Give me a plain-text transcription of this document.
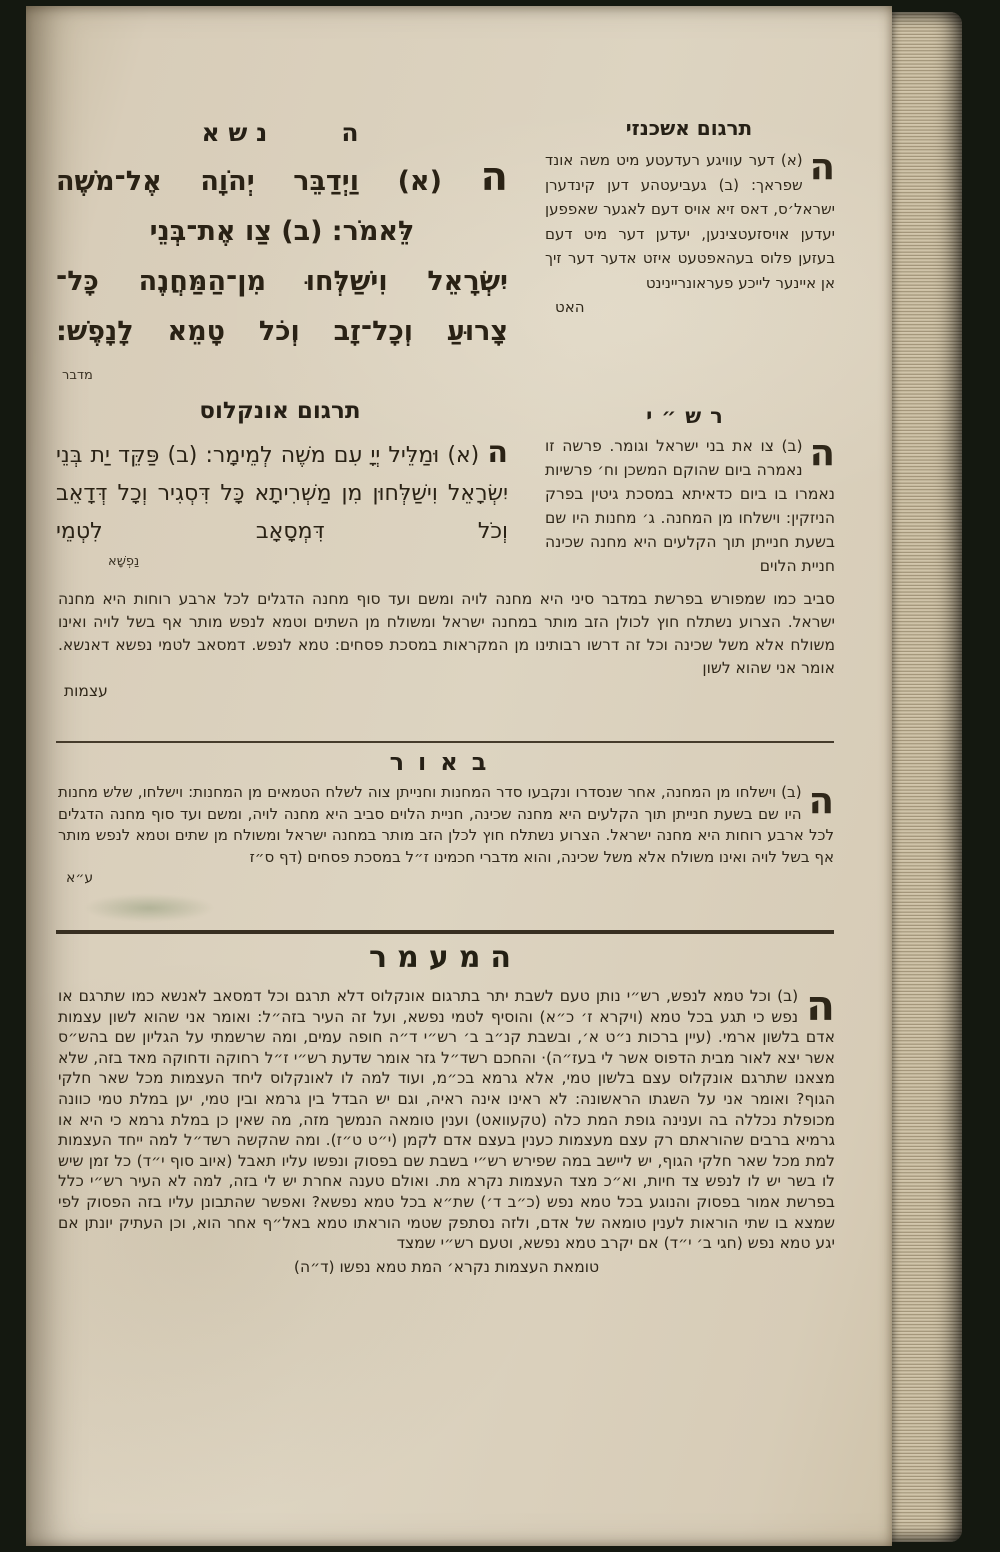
נ ש א	ה	תרגום אשכנזי

ה
(א) דער עוויגע רעדעטע מיט משה אונד שפראך: (ב) געביעטהע דען קינדערן ישראל׳ס, דאס זיא אויס דעם לאגער שאפפען יעדען אויסזעטצינען, יעדען דער מיט דעם בעזען פלוס בעהאפטעט איזט אדער דער זיך אן איינער לייכע פעראונריינינט

האט
ה (א) וַיְדַבֵּר יְהֹוָה אֶל־מֹשֶׁה
לֵּאמֹר: (ב) צַו אֶת־בְּנֵי
יִשְׂרָאֵל וִישַׁלְּחוּ מִן־הַמַּחֲנֶה כָּל־
צָרוּעַ וְכָל־זָב וְכֹל טָמֵא לָנָפֶשׁ:
מדבר
תרגום אונקלוס

ה (א) וּמַלֵּיל יְיָ עִם משֶׁה לְמֵימָר: (ב) פַּקֵּד יַת בְּנֵי יִשְׂרָאֵל וִישַׁלְּחוּן מִן מַשְׁרִיתָא כָּל דִּסְגִיר וְכָל דְּדָאֵב וְכֹל דִּמְסָאָב לִטְמֵי

נַפְשָׁא
רש״י

ה
(ב) צו את בני ישראל וגומר. פרשה זו נאמרה ביום שהוקם המשכן וח׳ פרשיות נאמרו בו ביום כדאיתא במסכת גיטין בפרק הניזקין: וישלחו מן המחנה. ג׳ מחנות היו שם בשעת חנייתן תוך הקלעים היא מחנה שכינה חניית הלוים

סביב כמו שמפורש בפרשת במדבר סיני היא מחנה לויה ומשם ועד סוף מחנה הדגלים לכל ארבע רוחות היא מחנה ישראל. הצרוע נשתלח חוץ לכולן הזב מותר במחנה ישראל ומשולח מן השתים וטמא לנפש מותר אף בשל לויה ואינו משולח אלא משל שכינה וכל זה דרשו רבותינו מן המקראות במסכת פסחים: טמא לנפש. דמסאב לטמי נפשא דאנשא. אומר אני שהוא לשון

עצמות
באור

ה
(ב) וישלחו מן המחנה, אחר שנסדרו ונקבעו סדר המחנות וחנייתן צוה לשלח הטמאים מן המחנות: וישלחו, שלש מחנות היו שם בשעת חנייתן תוך הקלעים היא מחנה שכינה, חניית הלוים סביב היא מחנה לויה, ומשם ועד סוף מחנה הדגלים לכל ארבע רוחות היא מחנה ישראל. הצרוע נשתלח חוץ לכלן הזב מותר במחנה ישראל ומשולח מן שתים וטמא לנפש מותר אף בשל לויה ואינו משולח אלא משל שכינה, והוא מדברי חכמינו ז״ל במסכת פסחים (דף ס״ז

ע״א
המעמר

ה
(ב) וכל טמא לנפש, רש״י נותן טעם לשבת יתר בתרגום אונקלוס דלא תרגם וכל דמסאב לאנשא כמו שתרגם או נפש כי תגע בכל טמא (ויקרא ז׳ כ״א) והוסיף לטמי נפשא, ועל זה העיר בזה״ל: ואומר אני שהוא לשון עצמות אדם בלשון ארמי. (עיין ברכות נ״ט א׳, ובשבת קנ״ב ב׳ רש״י ד״ה חופה עמים, ומה שרשמתי על הגליון שם בהש״ס אשר יצא לאור מבית הדפוס אשר לי בעז״ה)· והחכם רשד״ל גזר אומר שדעת רש״י ז״ל רחוקה ודחוקה מאד בזה, שלא מצאנו שתרגם אונקלוס עצם בלשון טמי, אלא גרמא בכ״מ, ועוד למה לו לאונקלוס ליחד העצמות מכל שאר חלקי הגוף? ואומר אני על השגתו הראשונה: לא ראינו אינה ראיה, וגם יש הבדל בין גרמא ובין טמי, יען במלת טמי כוונה מכופלת נכללה בה וענינה גופת המת כלה (טקעוואט) וענין טומאה הנמשך מזה, מה שאין כן במלת גרמא כי היא או גרמיא ברבים שהוראתם רק עצם מעצמות כענין בעצם אדם לקמן (י״ט ט״ז). ומה שהקשה רשד״ל למה ייחד העצמות למת מכל שאר חלקי הגוף, יש ליישב במה שפירש רש״י בשבת שם בפסוק ונפשו עליו תאבל (איוב סוף י״ד) כל זמן שיש לו בשר יש לו לנפש צד חיות, וא״כ מצד העצמות נקרא מת. ואולם טענה אחרת יש לי בזה, למה לא העיר רש״י כלל בפרשת אמור בפסוק והנוגע בכל טמא נפש (כ״ב ד׳) שת״א בכל טמא נפשא? ואפשר שהתבונן עליו בזה הפסוק לפי שמצא בו שתי הוראות לענין טומאה של אדם, ולזה נסתפק שטמי הוראתו טמא באל״ף אחר הוא, וכן העתיק יונתן אם יגע טמא נפש (חגי ב׳ י״ד) אם יקרב טמא נפשא, וטעם רש״י שמצד

טומאת העצמות נקרא׳ המת טמא נפשו (ד״ה)
